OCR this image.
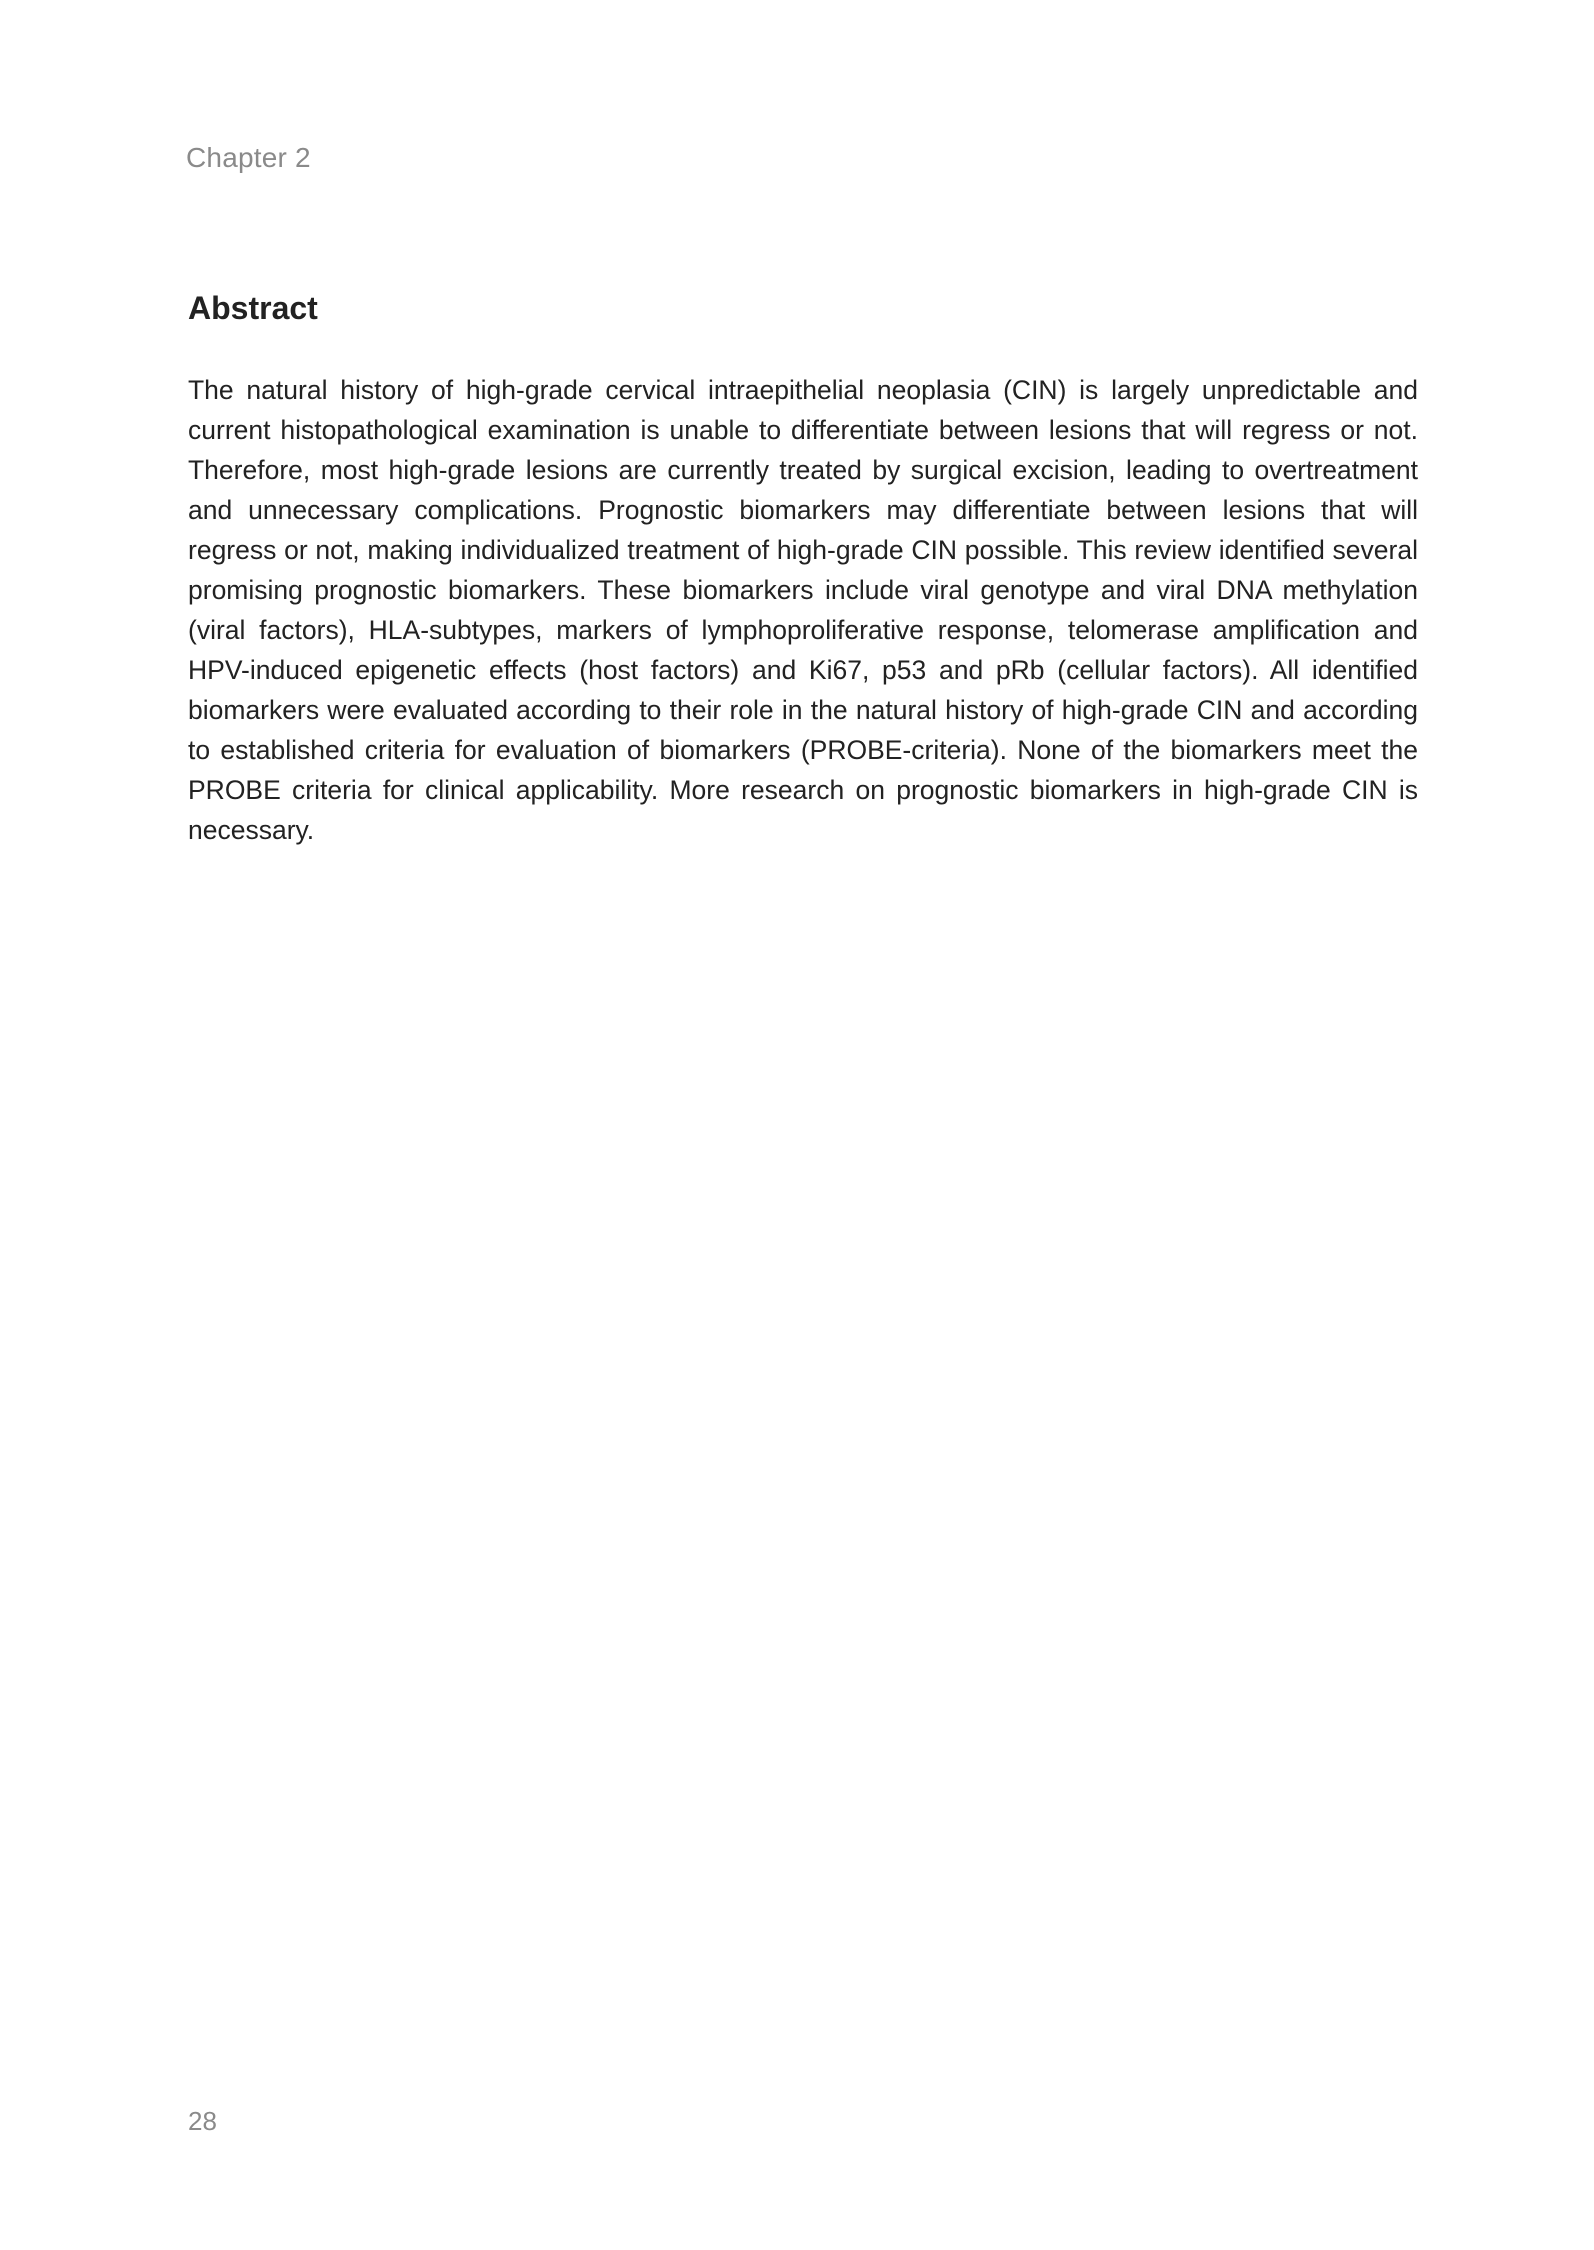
Chapter 2
Abstract

The natural history of high-grade cervical intraepithelial neoplasia (CIN) is largely unpredictable and current histopathological examination is unable to differentiate between lesions that will regress or not. Therefore, most high-grade lesions are currently treated by surgical excision, leading to overtreatment and unnecessary complications. Prognostic biomarkers may differentiate between lesions that will regress or not, making individualized treatment of high-grade CIN possible. This review identified several promising prognostic biomarkers. These biomarkers include viral genotype and viral DNA methylation (viral factors), HLA-subtypes, markers of lymphoproliferative response, telomerase amplification and HPV-induced epigenetic effects (host factors) and Ki67, p53 and pRb (cellular factors). All identified biomarkers were evaluated according to their role in the natural history of high-grade CIN and according to established criteria for evaluation of biomarkers (PROBE-criteria). None of the biomarkers meet the PROBE criteria for clinical applicability. More research on prognostic biomarkers in high-grade CIN is necessary.

28
